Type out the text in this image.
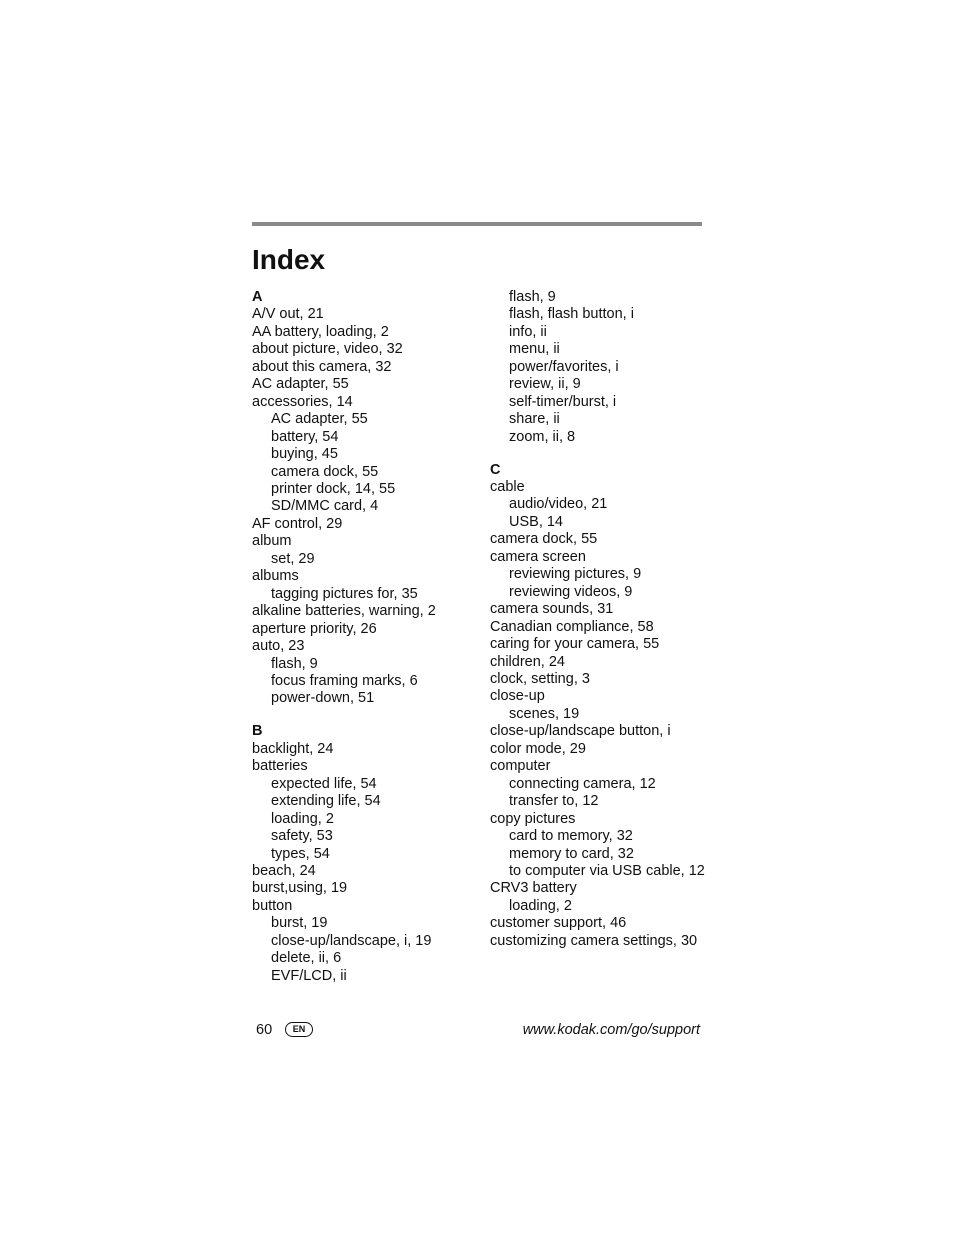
Index
A
A/V out, 21
AA battery, loading, 2
about picture, video, 32
about this camera, 32
AC adapter, 55
accessories, 14
AC adapter, 55
battery, 54
buying, 45
camera dock, 55
printer dock, 14, 55
SD/MMC card, 4
AF control, 29
album
set, 29
albums
tagging pictures for, 35
alkaline batteries, warning, 2
aperture priority, 26
auto, 23
flash, 9
focus framing marks, 6
power-down, 51
B
backlight, 24
batteries
expected life, 54
extending life, 54
loading, 2
safety, 53
types, 54
beach, 24
burst,using, 19
button
burst, 19
close-up/landscape, i, 19
delete, ii, 6
EVF/LCD, ii
flash, 9
flash, flash button, i
info, ii
menu, ii
power/favorites, i
review, ii, 9
self-timer/burst, i
share, ii
zoom, ii, 8
C
cable
audio/video, 21
USB, 14
camera dock, 55
camera screen
reviewing pictures, 9
reviewing videos, 9
camera sounds, 31
Canadian compliance, 58
caring for your camera, 55
children, 24
clock, setting, 3
close-up
scenes, 19
close-up/landscape button, i
color mode, 29
computer
connecting camera, 12
transfer to, 12
copy pictures
card to memory, 32
memory to card, 32
to computer via USB cable, 12
CRV3 battery
loading, 2
customer support, 46
customizing camera settings, 30
60	EN	www.kodak.com/go/support
